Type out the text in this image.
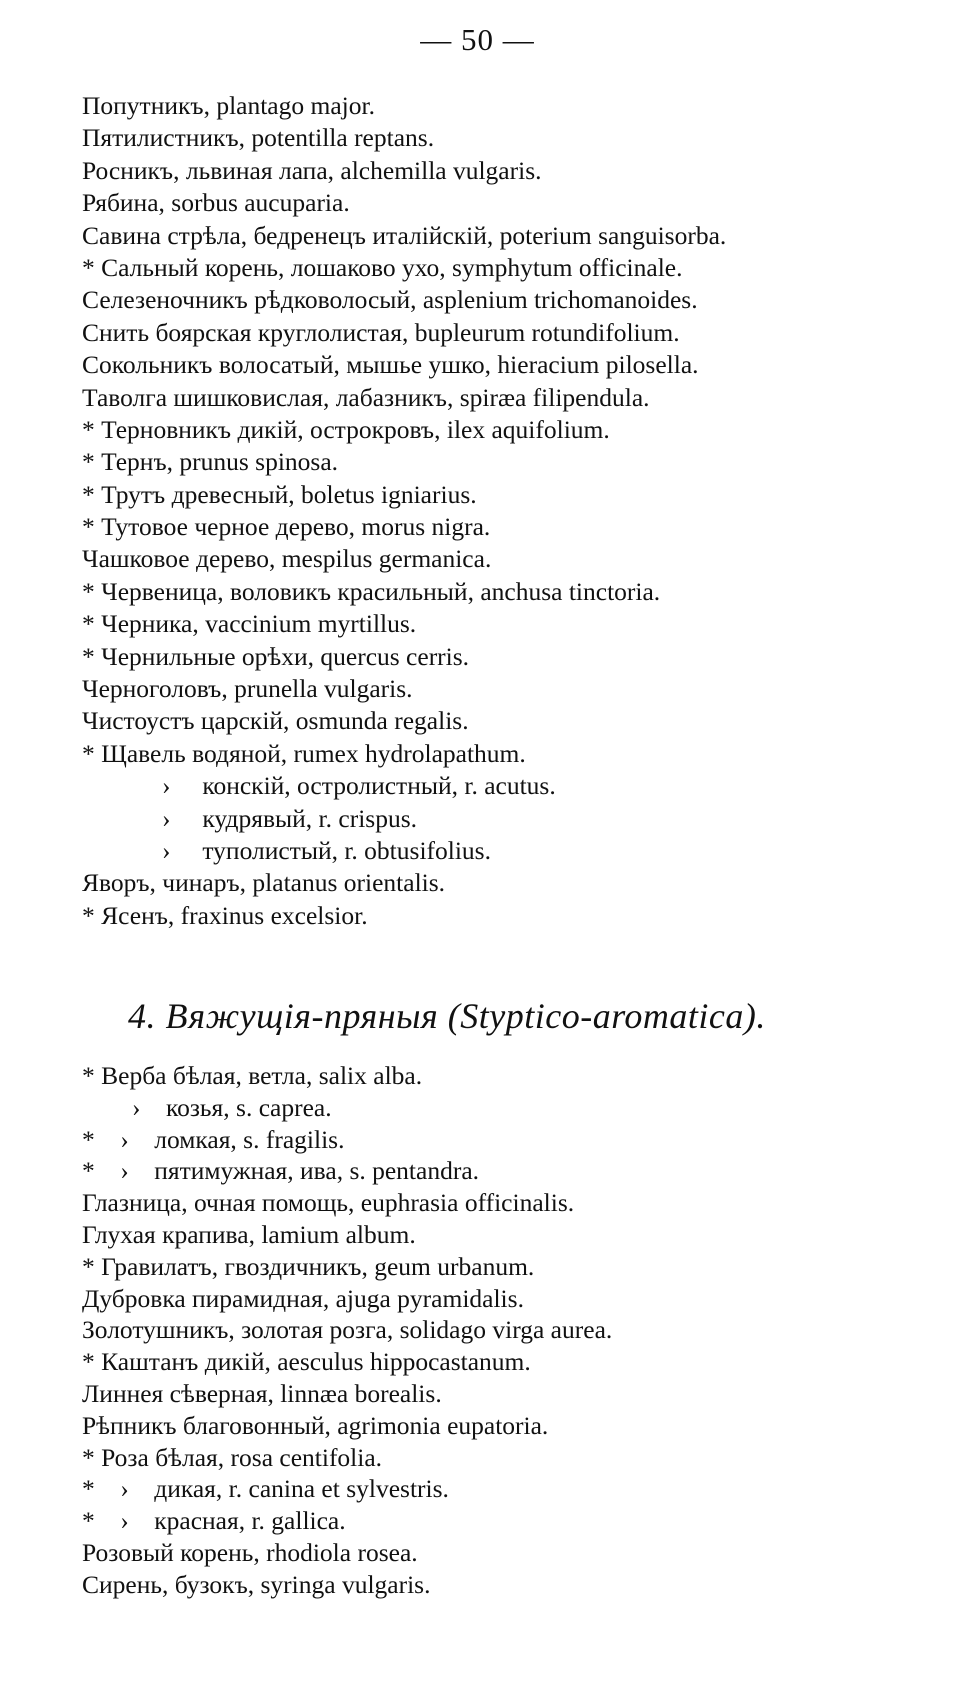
— 50 —
Попутникъ, plantago major.
Пятилистникъ, potentilla reptans.
Росникъ, львиная лапа, alchemilla vulgaris.
Рябина, sorbus aucuparia.
Савина стрѣла, бедренецъ италійскій, poterium sanguisorba.
* Сальный корень, лошаково ухо, symphytum officinale.
Селезеночникъ рѣдковолосый, asplenium trichomanoides.
Снить боярская круглолистая, bupleurum rotundifolium.
Сокольникъ волосатый, мышье ушко, hieracium pilosella.
Таволга шишковислая, лабазникъ, spiræa filipendula.
* Терновникъ дикій, острокровъ, ilex aquifolium.
* Тернъ, prunus spinosa.
* Трутъ древесный, boletus igniarius.
* Тутовое черное дерево, morus nigra.
Чашковое дерево, mespilus germanica.
* Червеница, воловикъ красильный, anchusa tinctoria.
* Черника, vaccinium myrtillus.
* Чернильные орѣхи, quercus cerris.
Черноголовъ, prunella vulgaris.
Чистоустъ царскій, osmunda regalis.
* Щавель водяной, rumex hydrolapathum.
›     конскій, остролистный, r. acutus.
›     кудрявый, r. crispus.
›     туполистый, r. obtusifolius.
Яворъ, чинаръ, platanus orientalis.
* Ясенъ, fraxinus excelsior.
4. Вяжущія-пряныя (Styptico-aromatica).
* Верба бѣлая, ветла, salix alba.
›    козья, s. caprea.
*    ›    ломкая, s. fragilis.
*    ›    пятимужная, ива, s. pentandra.
Глазница, очная помощь, euphrasia officinalis.
Глухая крапива, lamium album.
* Гравилатъ, гвоздичникъ, geum urbanum.
Дубровка пирамидная, ajuga pyramidalis.
Золотушникъ, золотая розга, solidago virga aurea.
* Каштанъ дикій, aesculus hippocastanum.
Линнея сѣверная, linnæa borealis.
Рѣпникъ благовонный, agrimonia eupatoria.
* Роза бѣлая, rosa centifolia.
*    ›    дикая, r. canina et sylvestris.
*    ›    красная, r. gallica.
Розовый корень, rhodiola rosea.
Сирень, бузокъ, syringa vulgaris.
